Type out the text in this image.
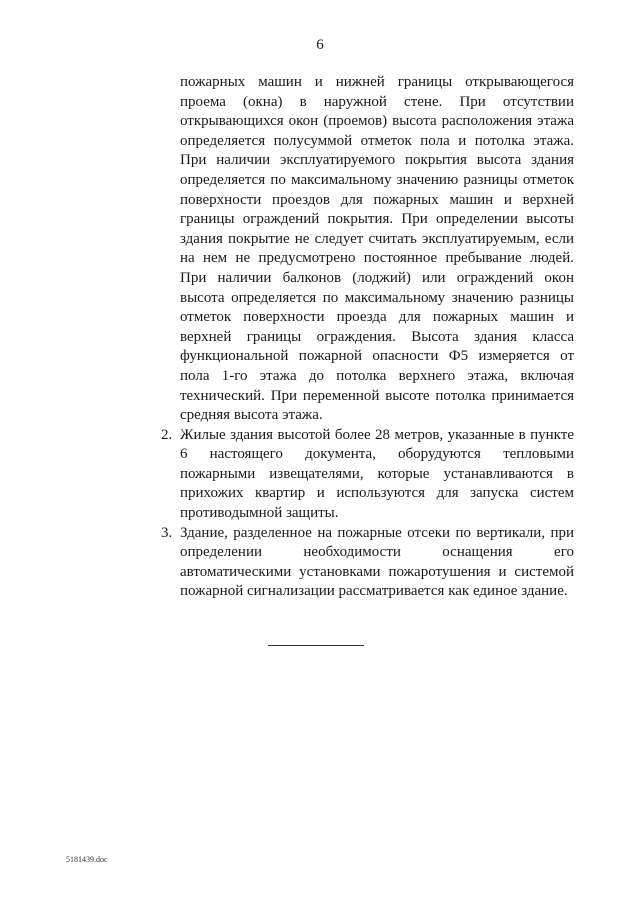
6

пожарных машин и нижней границы открывающегося проема (окна) в наружной стене. При отсутствии открывающихся окон (проемов) высота расположения этажа определяется полусуммой отметок пола и потолка этажа. При наличии эксплуатируемого покрытия высота здания определяется по максимальному значению разницы отметок поверхности проездов для пожарных машин и верхней границы ограждений покрытия. При определении высоты здания покрытие не следует считать эксплуатируемым, если на нем не предусмотрено постоянное пребывание людей. При наличии балконов (лоджий) или ограждений окон высота определяется по максимальному значению разницы отметок поверхности проезда для пожарных машин и верхней границы ограждения. Высота здания класса функциональной пожарной опасности Ф5 измеряется от пола 1-го этажа до потолка верхнего этажа, включая технический. При переменной высоте потолка принимается средняя высота этажа.

2. Жилые здания высотой более 28 метров, указанные в пункте 6 настоящего документа, оборудуются тепловыми пожарными извещателями, которые устанавливаются в прихожих квартир и используются для запуска систем противодымной защиты.
3. Здание, разделенное на пожарные отсеки по вертикали, при определении необходимости оснащения его автоматическими установками пожаротушения и системой пожарной сигнализации рассматривается как единое здание.
5181439.doc
